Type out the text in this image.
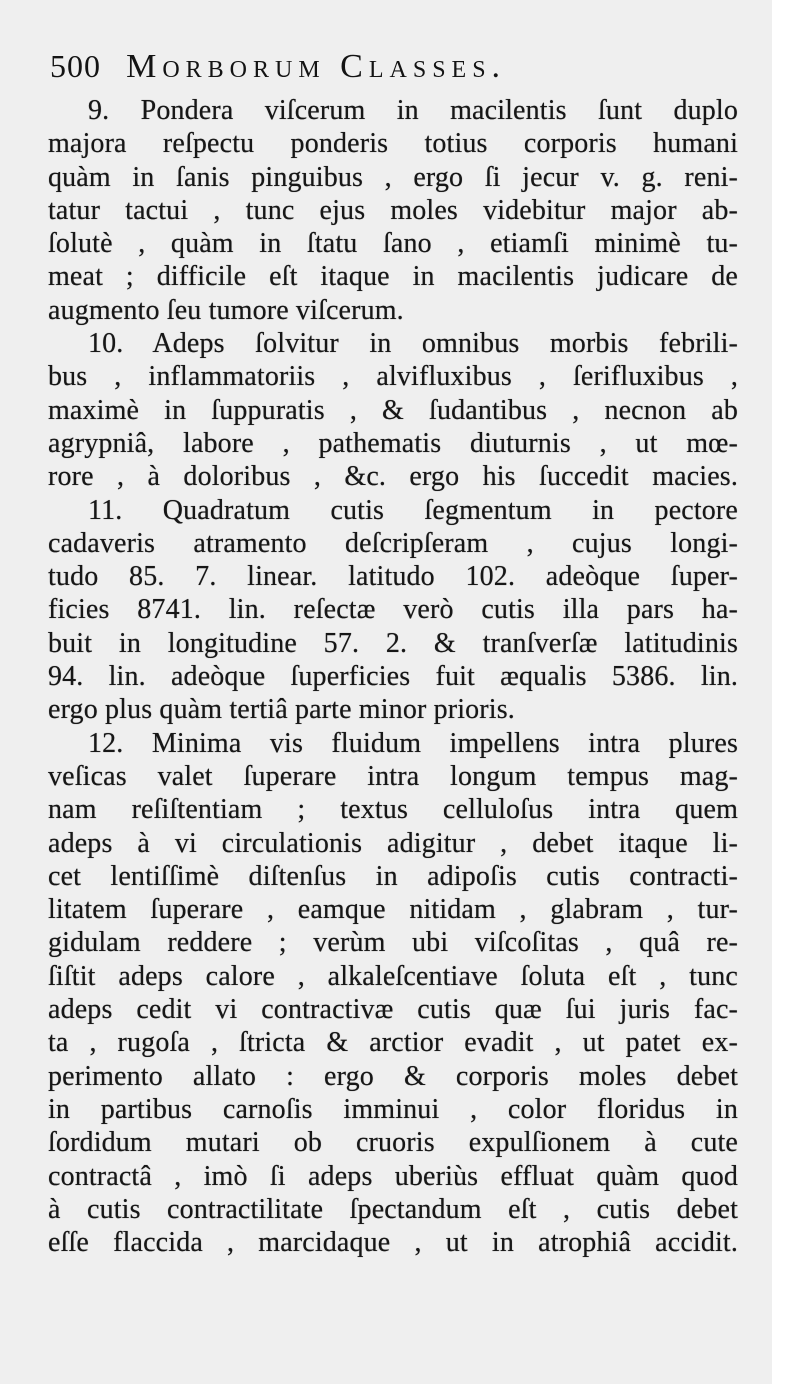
500 Morborum Classes.
9. Pondera viſcerum in macilentis ſunt duplo
majora reſpectu ponderis totius corporis humani
quàm in ſanis pinguibus , ergo ſi jecur v. g. reni-
tatur tactui , tunc ejus moles videbitur major ab-
ſolutè , quàm in ſtatu ſano , etiamſi minimè tu-
meat ; difficile eſt itaque in macilentis judicare de
augmento ſeu tumore viſcerum.
10. Adeps ſolvitur in omnibus morbis febrili-
bus , inflammatoriis , alvifluxibus , ſerifluxibus ,
maximè in ſuppuratis , & ſudantibus , necnon ab
agrypniâ, labore , pathematis diuturnis , ut mœ-
rore , à doloribus , &c. ergo his ſuccedit macies.
11. Quadratum cutis ſegmentum in pectore
cadaveris atramento deſcripſeram , cujus longi-
tudo 85. 7. linear. latitudo 102. adeòque ſuper-
ficies 8741. lin. reſectæ verò cutis illa pars ha-
buit in longitudine 57. 2. & tranſverſæ latitudinis
94. lin. adeòque ſuperficies fuit æqualis 5386. lin.
ergo plus quàm tertiâ parte minor prioris.
12. Minima vis fluidum impellens intra plures
veſicas valet ſuperare intra longum tempus mag-
nam reſiſtentiam ; textus celluloſus intra quem
adeps à vi circulationis adigitur , debet itaque li-
cet lentiſſimè diſtenſus in adipoſis cutis contracti-
litatem ſuperare , eamque nitidam , glabram , tur-
gidulam reddere ; verùm ubi viſcoſitas , quâ re-
ſiſtit adeps calore , alkaleſcentiave ſoluta eſt , tunc
adeps cedit vi contractivæ cutis quæ ſui juris fac-
ta , rugoſa , ſtricta & arctior evadit , ut patet ex-
perimento allato : ergo & corporis moles debet
in partibus carnoſis imminui , color floridus in
ſordidum mutari ob cruoris expulſionem à cute
contractâ , imò ſi adeps uberiùs effluat quàm quod
à cutis contractilitate ſpectandum eſt , cutis debet
eſſe flaccida , marcidaque , ut in atrophiâ accidit.
